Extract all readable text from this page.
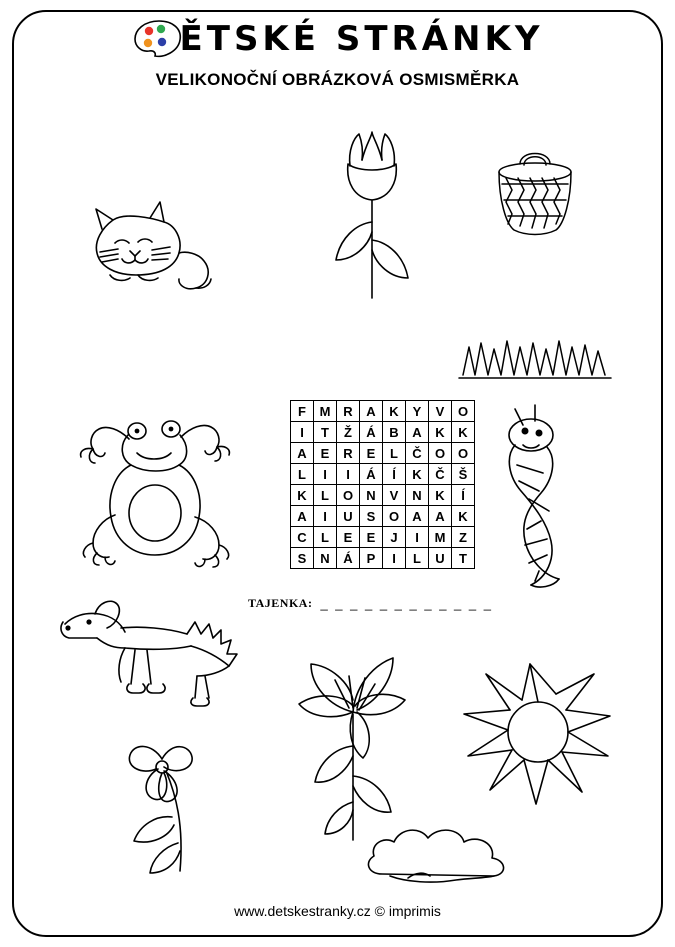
ĚTSKÉ STRÁNKY
VELIKONOČNÍ OBRÁZKOVÁ OSMISMĚRKA
F	M	R	A	K	Y	V	O
I	T	Ž	Á	B	A	K	K
A	E	R	E	L	Č	O	O
L	I	I	Á	Í	K	Č	Š
K	L	O	N	V	N	K	Í
A	I	U	S	O	A	A	K
C	L	E	E	J	I	M	Z
S	N	Á	P	I	L	U	T
TAJENKA: _ _ _ _ _ _ _ _ _ _ _ _
www.detskestranky.cz © imprimis
